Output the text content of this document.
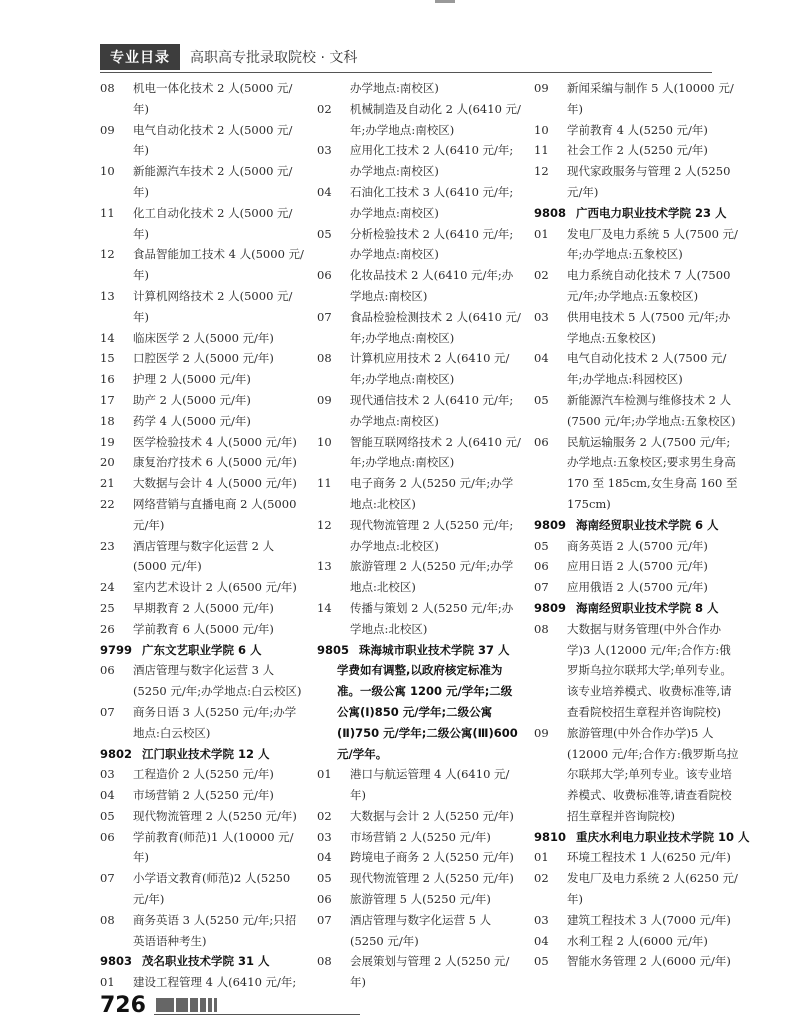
专业目录	高职高专批录取院校 · 文科
08	机电一体化技术 2 人(5000 元/年)
09	电气自动化技术 2 人(5000 元/年)
10	新能源汽车技术 2 人(5000 元/年)
11	化工自动化技术 2 人(5000 元/年)
12	食品智能加工技术 4 人(5000 元/年)
13	计算机网络技术 2 人(5000 元/年)
14	临床医学 2 人(5000 元/年)
15	口腔医学 2 人(5000 元/年)
16	护理 2 人(5000 元/年)
17	助产 2 人(5000 元/年)
18	药学 4 人(5000 元/年)
19	医学检验技术 4 人(5000 元/年)
20	康复治疗技术 6 人(5000 元/年)
21	大数据与会计 4 人(5000 元/年)
22	网络营销与直播电商 2 人(5000 元/年)
23	酒店管理与数字化运营 2 人(5000 元/年)
24	室内艺术设计 2 人(6500 元/年)
25	早期教育 2 人(5000 元/年)
26	学前教育 6 人(5000 元/年)
9799 广东文艺职业学院 6 人
06	酒店管理与数字化运营 3 人(5250 元/年;办学地点:白云校区)
07	商务日语 3 人(5250 元/年;办学地点:白云校区)
9802 江门职业技术学院 12 人
03	工程造价 2 人(5250 元/年)
04	市场营销 2 人(5250 元/年)
05	现代物流管理 2 人(5250 元/年)
06	学前教育(师范)1 人(10000 元/年)
07	小学语文教育(师范)2 人(5250 元/年)
08	商务英语 3 人(5250 元/年;只招英语语种考生)
9803 茂名职业技术学院 31 人
01	建设工程管理 4 人(6410 元/年;
办学地点:南校区)
02	机械制造及自动化 2 人(6410 元/年;办学地点:南校区)
03	应用化工技术 2 人(6410 元/年;办学地点:南校区)
04	石油化工技术 3 人(6410 元/年;办学地点:南校区)
05	分析检验技术 2 人(6410 元/年;办学地点:南校区)
06	化妆品技术 2 人(6410 元/年;办学地点:南校区)
07	食品检验检测技术 2 人(6410 元/年;办学地点:南校区)
08	计算机应用技术 2 人(6410 元/年;办学地点:南校区)
09	现代通信技术 2 人(6410 元/年;办学地点:南校区)
10	智能互联网络技术 2 人(6410 元/年;办学地点:南校区)
11	电子商务 2 人(5250 元/年;办学地点:北校区)
12	现代物流管理 2 人(5250 元/年;办学地点:北校区)
13	旅游管理 2 人(5250 元/年;办学地点:北校区)
14	传播与策划 2 人(5250 元/年;办学地点:北校区)
9805 珠海城市职业技术学院 37 人
学费如有调整,以政府核定标准为准。一级公寓 1200 元/学年;二级公寓(Ⅰ)850 元/学年;二级公寓(Ⅱ)750 元/学年;二级公寓(Ⅲ)600 元/学年。
01	港口与航运管理 4 人(6410 元/年)
02	大数据与会计 2 人(5250 元/年)
03	市场营销 2 人(5250 元/年)
04	跨境电子商务 2 人(5250 元/年)
05	现代物流管理 2 人(5250 元/年)
06	旅游管理 5 人(5250 元/年)
07	酒店管理与数字化运营 5 人(5250 元/年)
08	会展策划与管理 2 人(5250 元/年)
09	新闻采编与制作 5 人(10000 元/年)
10	学前教育 4 人(5250 元/年)
11	社会工作 2 人(5250 元/年)
12	现代家政服务与管理 2 人(5250 元/年)
9808 广西电力职业技术学院 23 人
01	发电厂及电力系统 5 人(7500 元/年;办学地点:五象校区)
02	电力系统自动化技术 7 人(7500 元/年;办学地点:五象校区)
03	供用电技术 5 人(7500 元/年;办学地点:五象校区)
04	电气自动化技术 2 人(7500 元/年;办学地点:科园校区)
05	新能源汽车检测与维修技术 2 人(7500 元/年;办学地点:五象校区)
06	民航运输服务 2 人(7500 元/年;办学地点:五象校区;要求男生身高 170 至 185cm,女生身高 160 至 175cm)
9809 海南经贸职业技术学院 6 人
05	商务英语 2 人(5700 元/年)
06	应用日语 2 人(5700 元/年)
07	应用俄语 2 人(5700 元/年)
9809 海南经贸职业技术学院 8 人
08	大数据与财务管理(中外合作办学)3 人(12000 元/年;合作方:俄罗斯乌拉尔联邦大学;单列专业。该专业培养模式、收费标准等,请查看院校招生章程并咨询院校)
09	旅游管理(中外合作办学)5 人(12000 元/年;合作方:俄罗斯乌拉尔联邦大学;单列专业。该专业培养模式、收费标准等,请查看院校招生章程并咨询院校)
9810 重庆水利电力职业技术学院 10 人
01	环境工程技术 1 人(6250 元/年)
02	发电厂及电力系统 2 人(6250 元/年)
03	建筑工程技术 3 人(7000 元/年)
04	水利工程 2 人(6000 元/年)
05	智能水务管理 2 人(6000 元/年)
726
